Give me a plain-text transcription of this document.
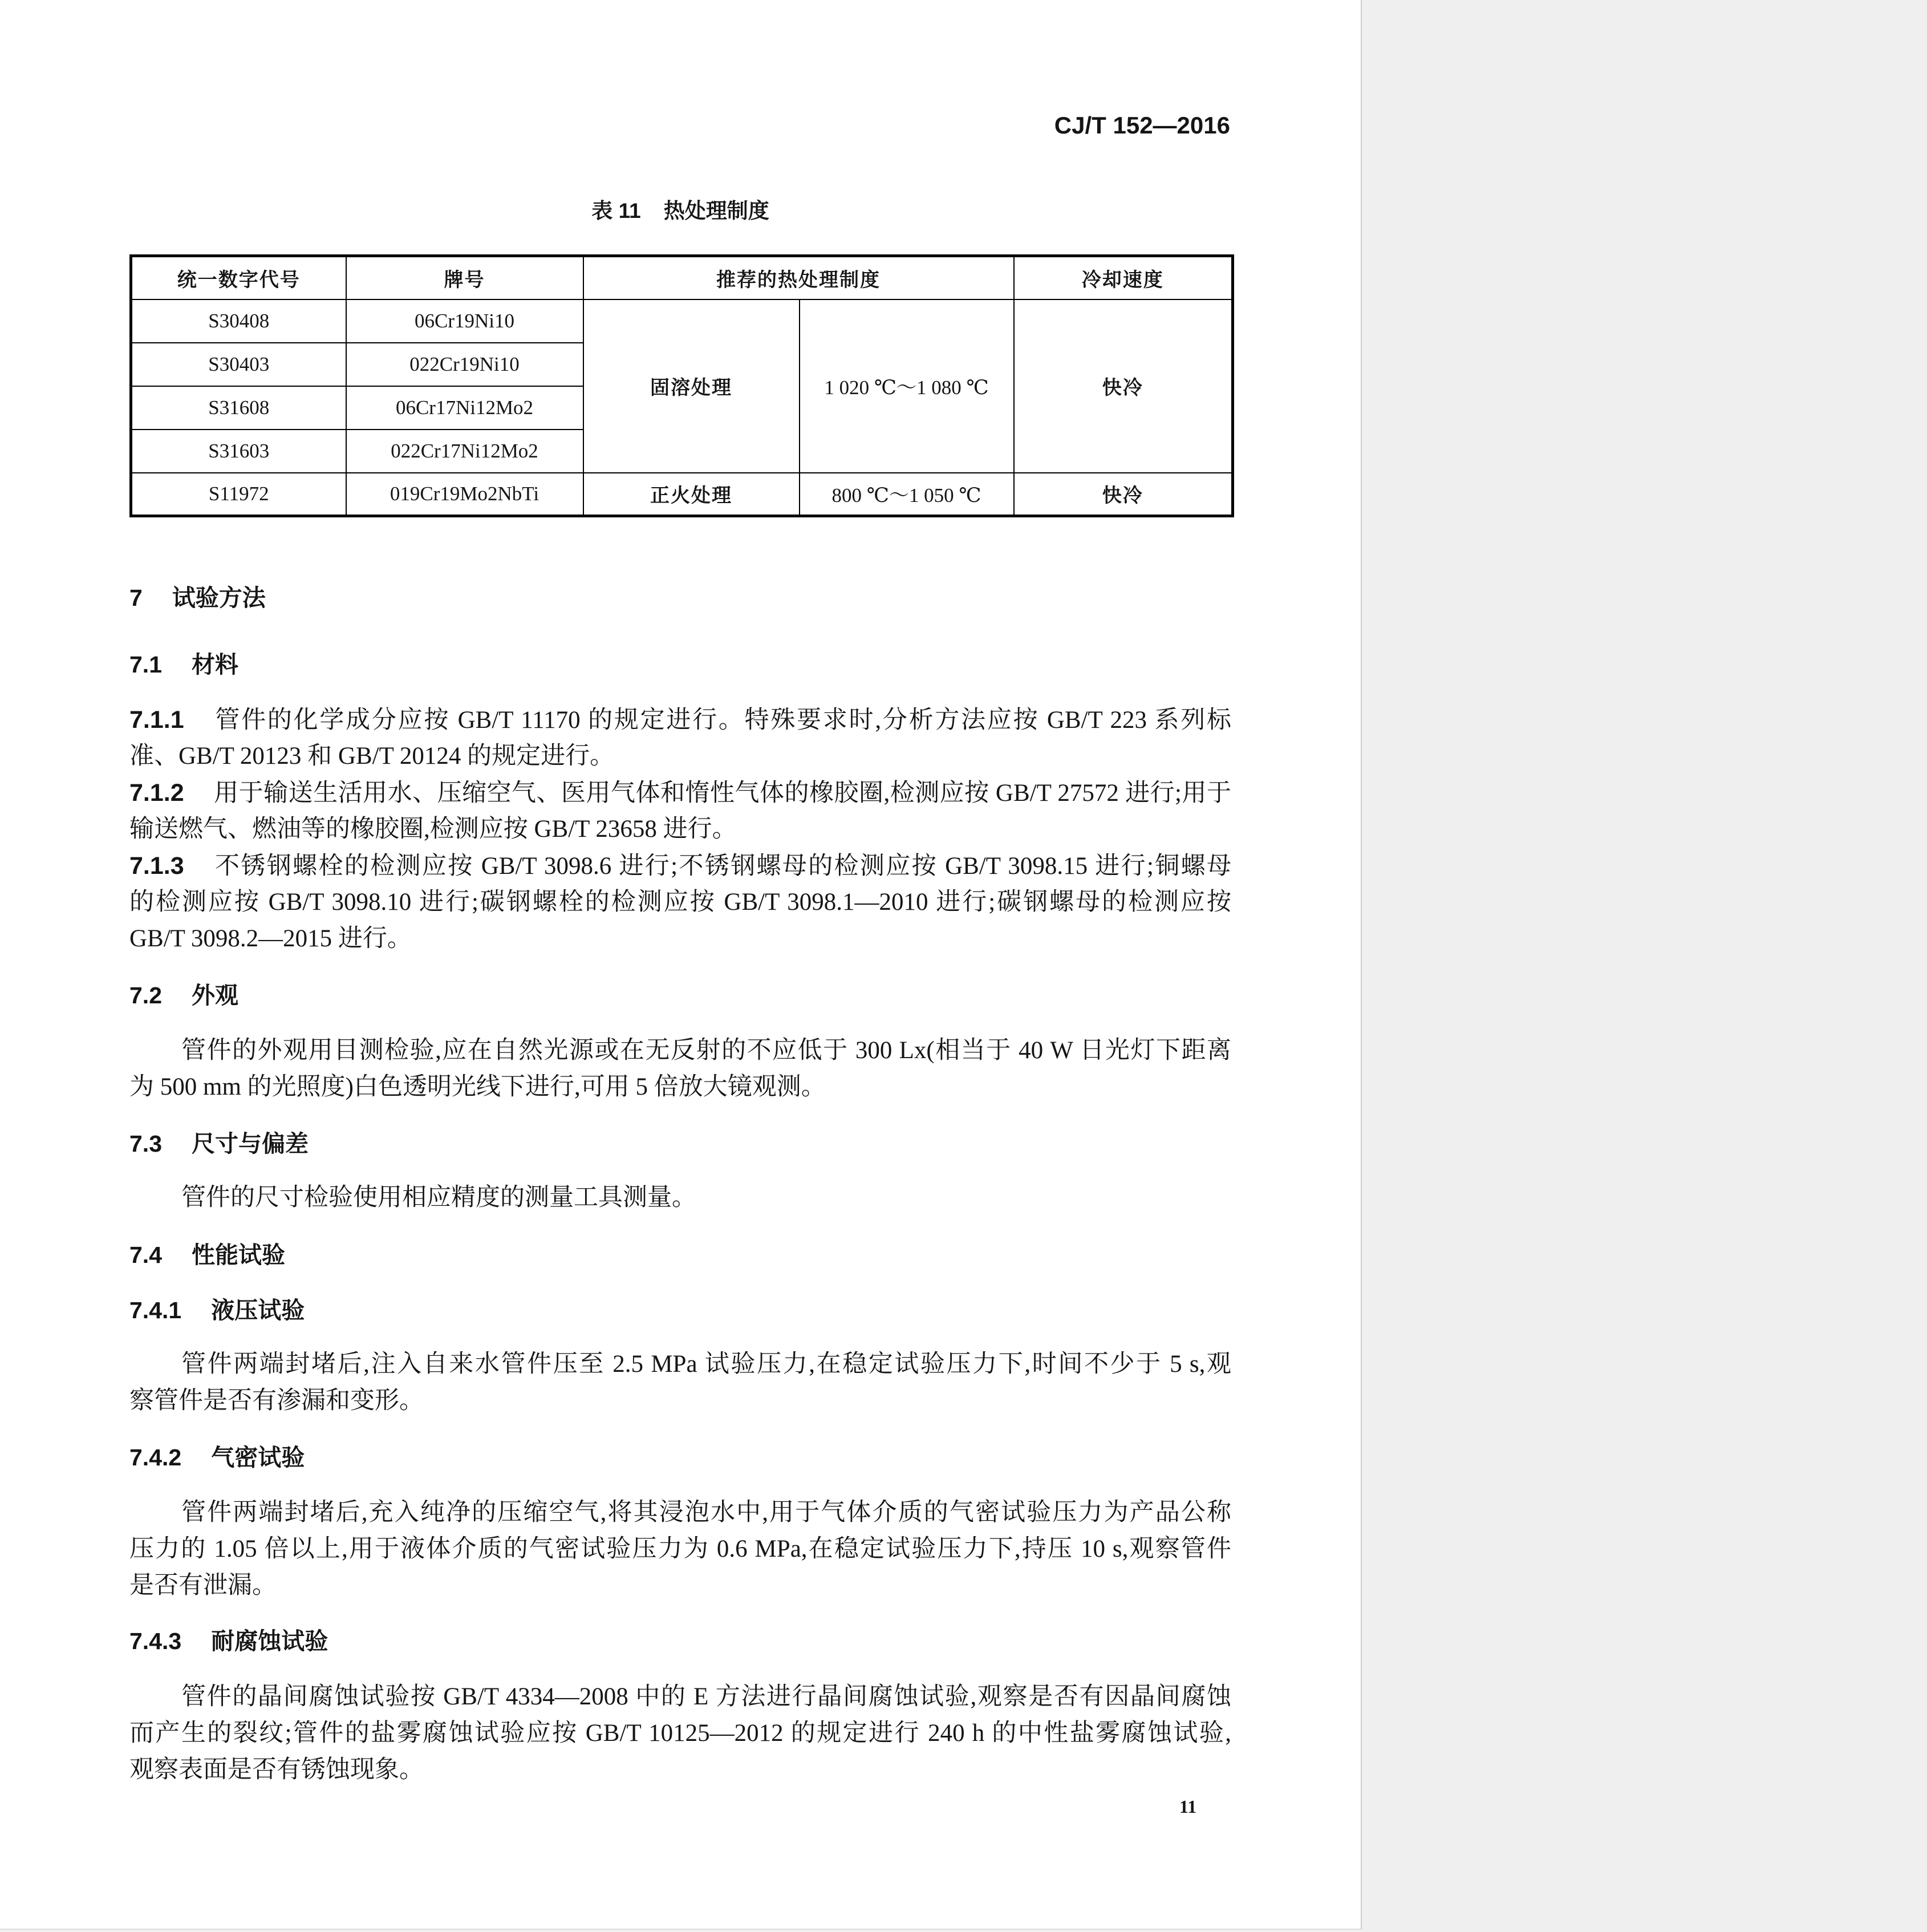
CJ/T 152—2016
表 11 热处理制度
统一数字代号	牌号	推荐的热处理制度		冷却速度
S30408	06Cr19Ni10	固溶处理	1 020 ℃～1 080 ℃	快冷
S30403	022Cr19Ni10			
S31608	06Cr17Ni12Mo2			
S31603	022Cr17Ni12Mo2			
S11972	019Cr19Mo2NbTi	正火处理	800 ℃～1 050 ℃	快冷
7 试验方法
7.1 材料
7.1.1 管件的化学成分应按 GB/T 11170 的规定进行。特殊要求时,分析方法应按 GB/T 223 系列标
准、GB/T 20123 和 GB/T 20124 的规定进行。
7.1.2 用于输送生活用水、压缩空气、医用气体和惰性气体的橡胶圈,检测应按 GB/T 27572 进行;用于
输送燃气、燃油等的橡胶圈,检测应按 GB/T 23658 进行。
7.1.3 不锈钢螺栓的检测应按 GB/T 3098.6 进行;不锈钢螺母的检测应按 GB/T 3098.15 进行;铜螺母
的检测应按 GB/T 3098.10 进行;碳钢螺栓的检测应按 GB/T 3098.1—2010 进行;碳钢螺母的检测应按
GB/T 3098.2—2015 进行。
7.2 外观
管件的外观用目测检验,应在自然光源或在无反射的不应低于 300 Lx(相当于 40 W 日光灯下距离
为 500 mm 的光照度)白色透明光线下进行,可用 5 倍放大镜观测。
7.3 尺寸与偏差
管件的尺寸检验使用相应精度的测量工具测量。
7.4 性能试验
7.4.1 液压试验
管件两端封堵后,注入自来水管件压至 2.5 MPa 试验压力,在稳定试验压力下,时间不少于 5 s,观
察管件是否有渗漏和变形。
7.4.2 气密试验
管件两端封堵后,充入纯净的压缩空气,将其浸泡水中,用于气体介质的气密试验压力为产品公称
压力的 1.05 倍以上,用于液体介质的气密试验压力为 0.6 MPa,在稳定试验压力下,持压 10 s,观察管件
是否有泄漏。
7.4.3 耐腐蚀试验
管件的晶间腐蚀试验按 GB/T 4334—2008 中的 E 方法进行晶间腐蚀试验,观察是否有因晶间腐蚀
而产生的裂纹;管件的盐雾腐蚀试验应按 GB/T 10125—2012 的规定进行 240 h 的中性盐雾腐蚀试验,
观察表面是否有锈蚀现象。
11
